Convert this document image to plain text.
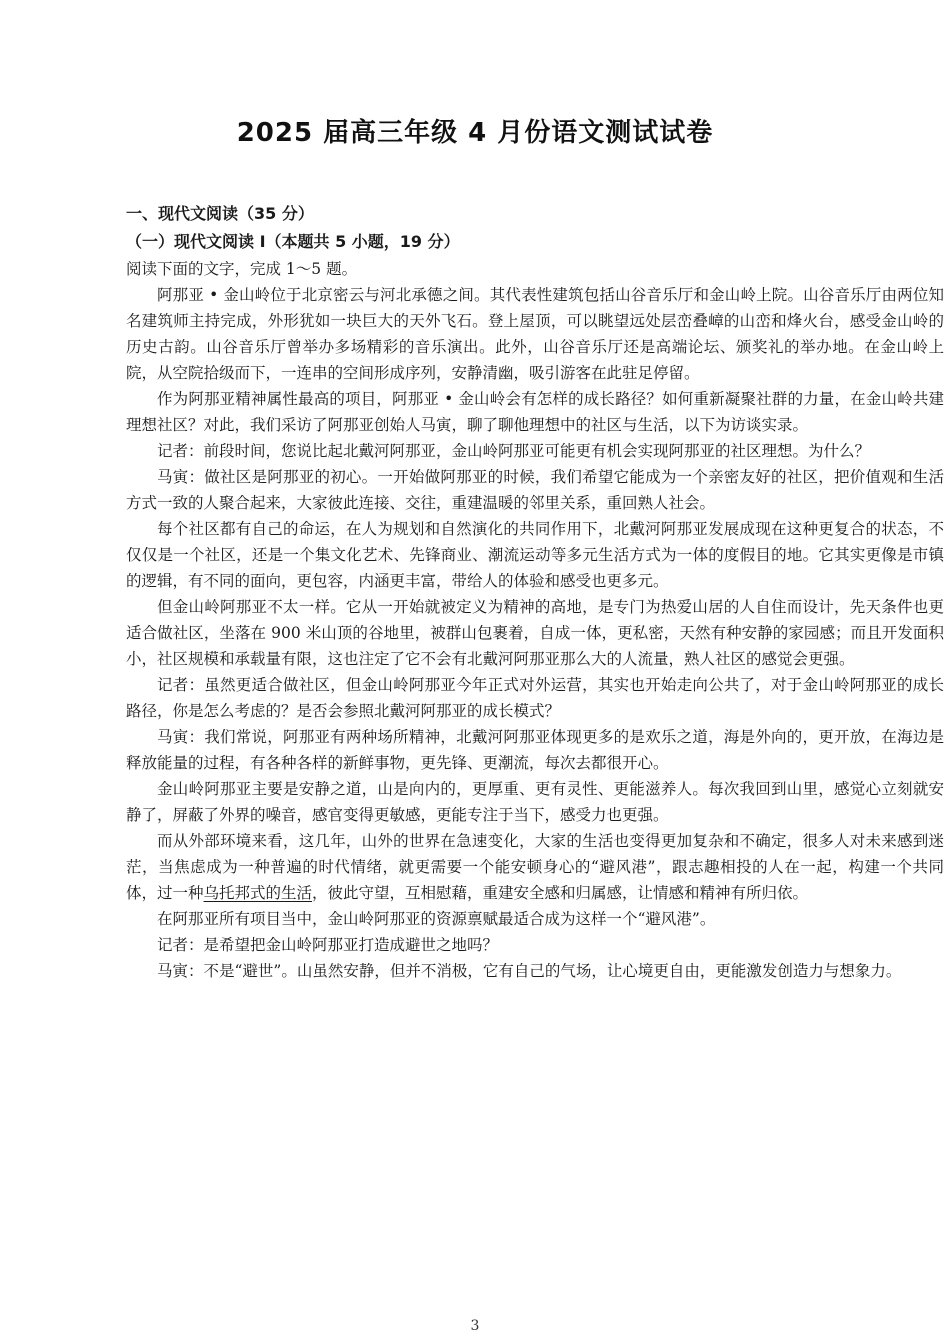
2025 届高三年级 4 月份语文测试试卷
一、现代文阅读（35 分）
（一）现代文阅读 I（本题共 5 小题，19 分）
阅读下面的文字，完成 1～5 题。

阿那亚 • 金山岭位于北京密云与河北承德之间。其代表性建筑包括山谷音乐厅和金山岭上院。山谷音乐厅由两位知名建筑师主持完成，外形犹如一块巨大的天外飞石。登上屋顶，可以眺望远处层峦叠嶂的山峦和烽火台，感受金山岭的历史古韵。山谷音乐厅曾举办多场精彩的音乐演出。此外，山谷音乐厅还是高端论坛、颁奖礼的举办地。在金山岭上院，从空院拾级而下，一连串的空间形成序列，安静清幽，吸引游客在此驻足停留。

作为阿那亚精神属性最高的项目，阿那亚 • 金山岭会有怎样的成长路径？如何重新凝聚社群的力量，在金山岭共建理想社区？对此，我们采访了阿那亚创始人马寅，聊了聊他理想中的社区与生活，以下为访谈实录。

记者：前段时间，您说比起北戴河阿那亚，金山岭阿那亚可能更有机会实现阿那亚的社区理想。为什么？

马寅：做社区是阿那亚的初心。一开始做阿那亚的时候，我们希望它能成为一个亲密友好的社区，把价值观和生活方式一致的人聚合起来，大家彼此连接、交往，重建温暖的邻里关系，重回熟人社会。

每个社区都有自己的命运，在人为规划和自然演化的共同作用下，北戴河阿那亚发展成现在这种更复合的状态，不仅仅是一个社区，还是一个集文化艺术、先锋商业、潮流运动等多元生活方式为一体的度假目的地。它其实更像是市镇的逻辑，有不同的面向，更包容，内涵更丰富，带给人的体验和感受也更多元。

但金山岭阿那亚不太一样。它从一开始就被定义为精神的高地，是专门为热爱山居的人自住而设计，先天条件也更适合做社区，坐落在 900 米山顶的谷地里，被群山包裹着，自成一体，更私密，天然有种安静的家园感；而且开发面积小，社区规模和承载量有限，这也注定了它不会有北戴河阿那亚那么大的人流量，熟人社区的感觉会更强。

记者：虽然更适合做社区，但金山岭阿那亚今年正式对外运营，其实也开始走向公共了，对于金山岭阿那亚的成长路径，你是怎么考虑的？是否会参照北戴河阿那亚的成长模式？

马寅：我们常说，阿那亚有两种场所精神，北戴河阿那亚体现更多的是欢乐之道，海是外向的，更开放，在海边是释放能量的过程，有各种各样的新鲜事物，更先锋、更潮流，每次去都很开心。

金山岭阿那亚主要是安静之道，山是向内的，更厚重、更有灵性、更能滋养人。每次我回到山里，感觉心立刻就安静了，屏蔽了外界的噪音，感官变得更敏感，更能专注于当下，感受力也更强。

而从外部环境来看，这几年，山外的世界在急速变化，大家的生活也变得更加复杂和不确定，很多人对未来感到迷茫，当焦虑成为一种普遍的时代情绪，就更需要一个能安顿身心的“避风港”，跟志趣相投的人在一起，构建一个共同体，过一种乌托邦式的生活，彼此守望，互相慰藉，重建安全感和归属感，让情感和精神有所归依。

在阿那亚所有项目当中，金山岭阿那亚的资源禀赋最适合成为这样一个“避风港”。

记者：是希望把金山岭阿那亚打造成避世之地吗？

马寅：不是“避世”。山虽然安静，但并不消极，它有自己的气场，让心境更自由，更能激发创造力与想象力。

3
